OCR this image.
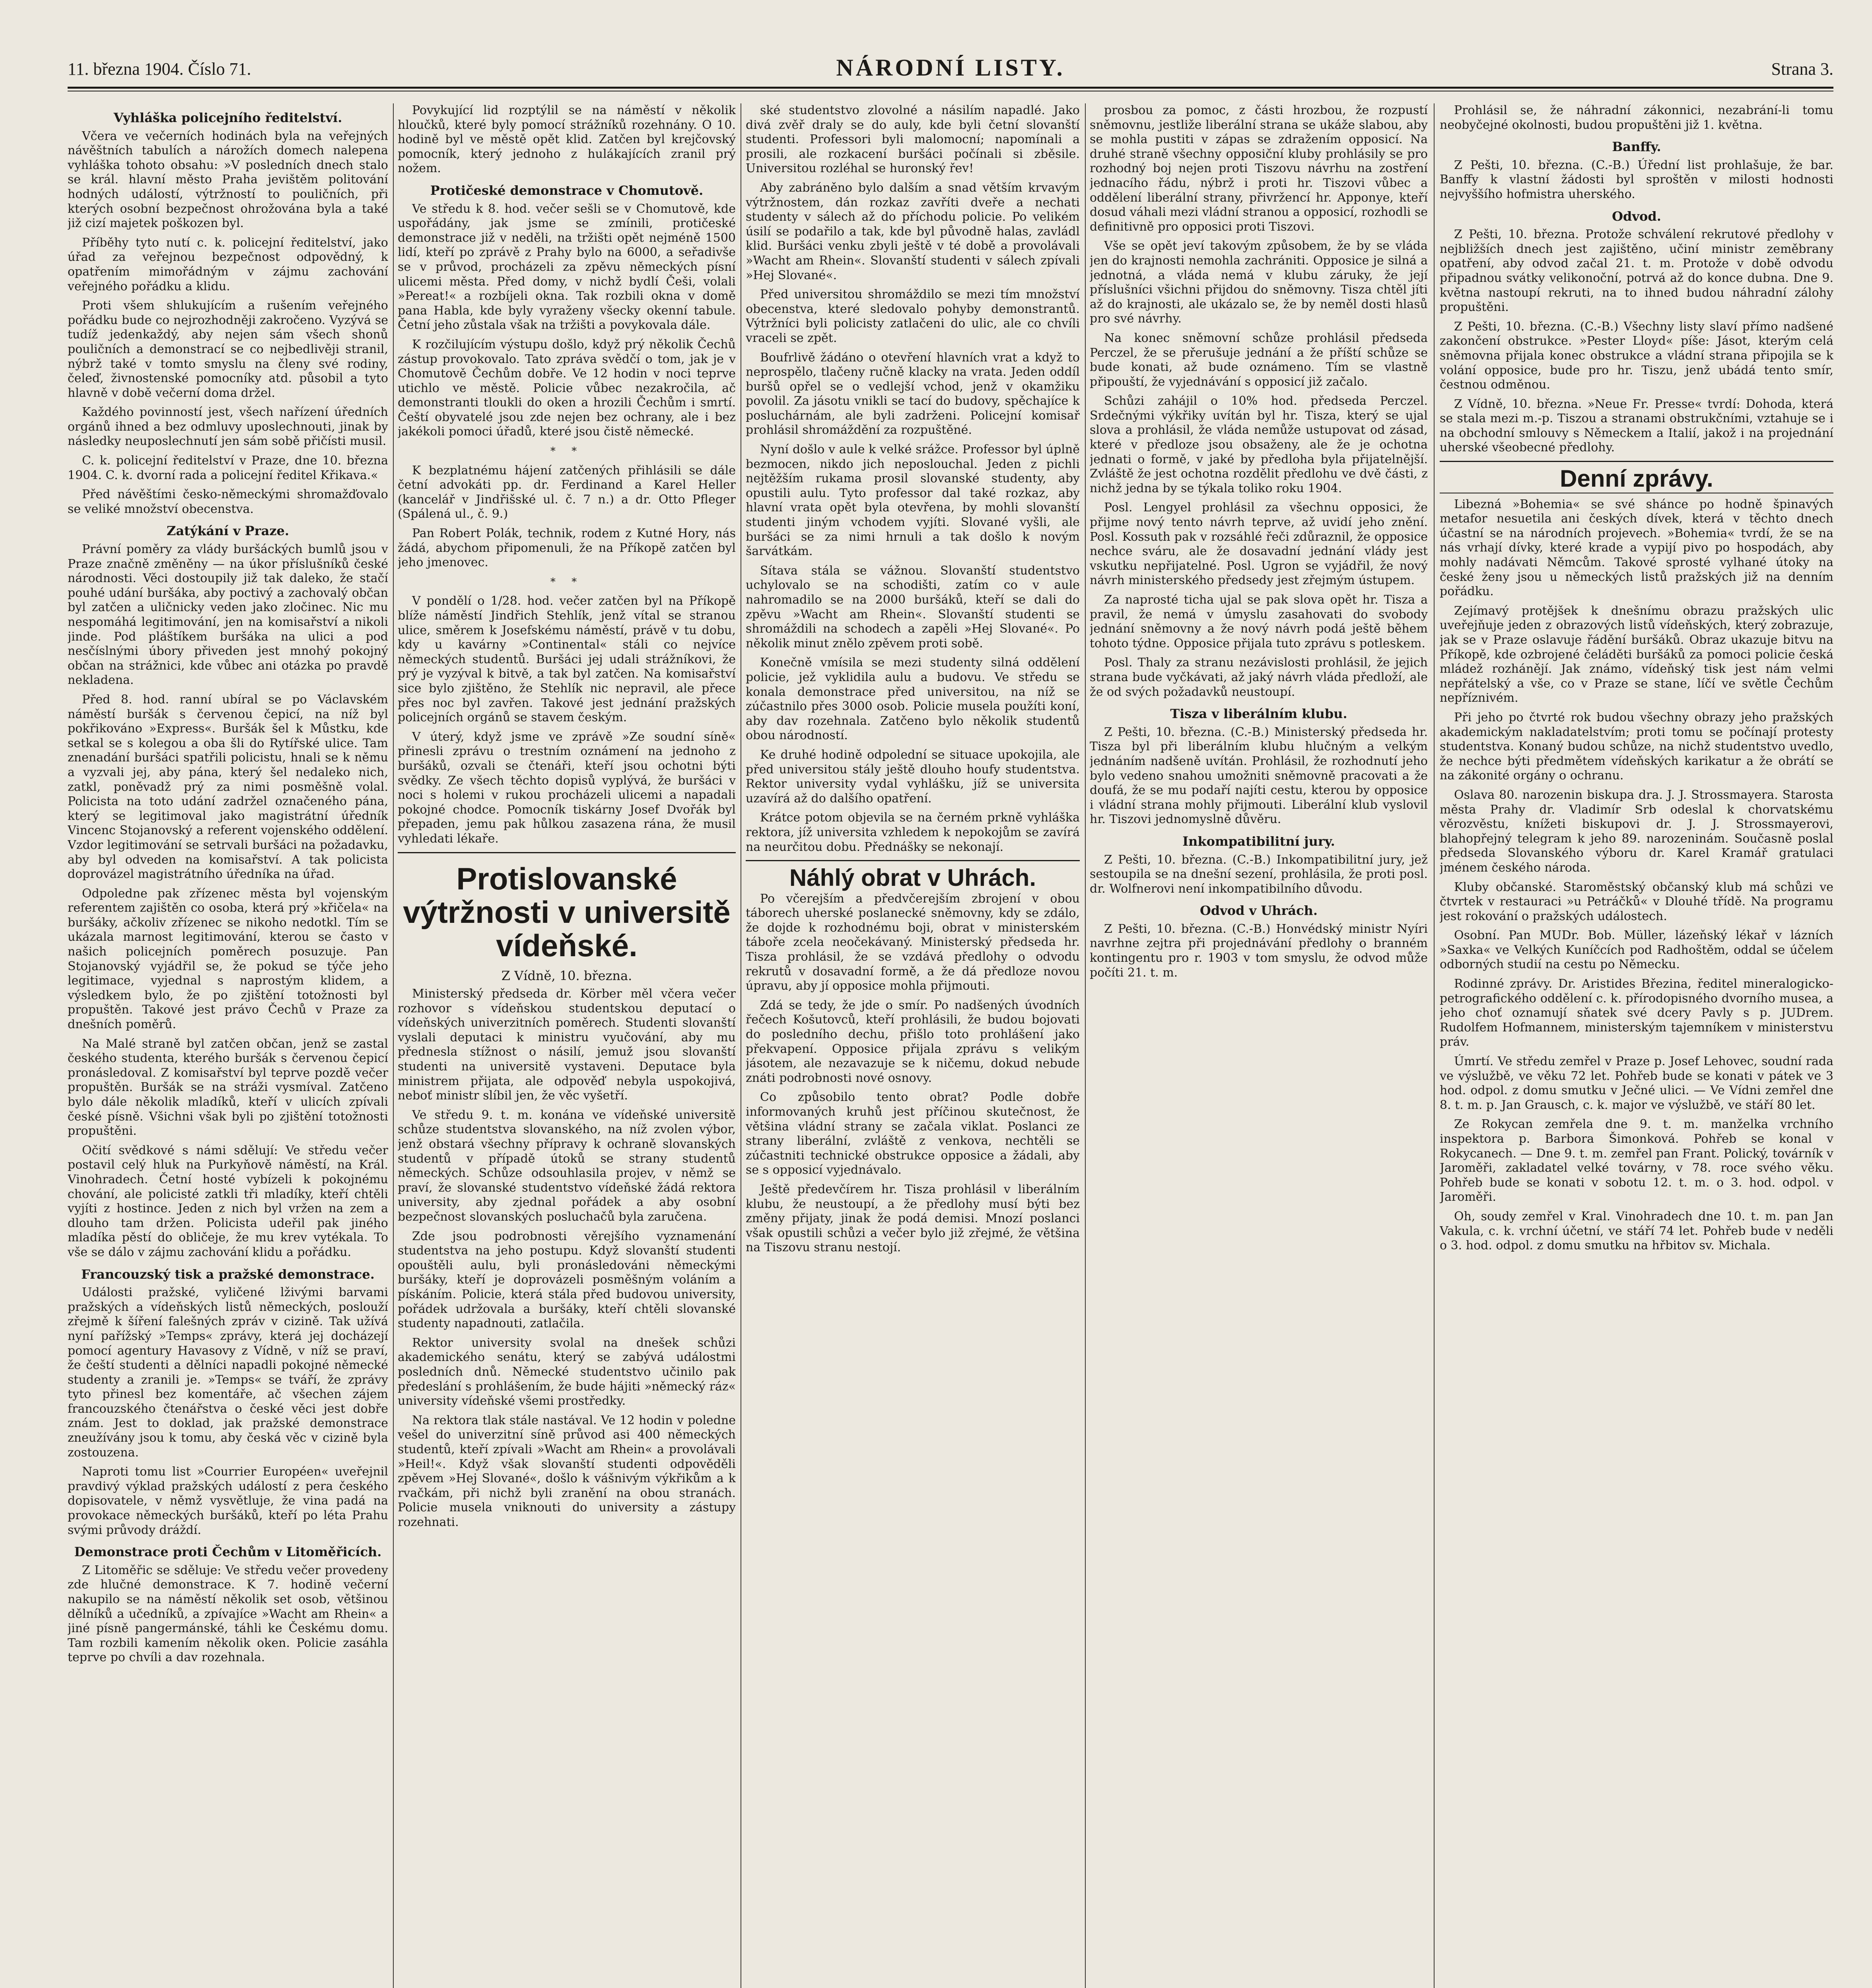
11. března 1904. Číslo 71.	NÁRODNÍ LISTY.	Strana 3.
Vyhláška policejního ředitelství.

Včera ve večerních hodinách byla na veřejných návěštních tabulích a nárožích domech nalepena vyhláška tohoto obsahu: »V posledních dnech stalo se král. hlavní město Praha jevištěm politování hodných událostí, výtržností to pouličních, při kterých osobní bezpečnost ohrožována byla a také již cizí majetek poškozen byl.

Příběhy tyto nutí c. k. policejní ředitelství, jako úřad za veřejnou bezpečnost odpovědný, k opatřením mimořádným v zájmu zachování veřejného pořádku a klidu.

Proti všem shlukujícím a rušením veřejného pořádku bude co nejrozhodněji zakročeno. Vyzývá se tudíž jedenkaždý, aby nejen sám všech shonů pouličních a demonstrací se co nejbedlivěji stranil, nýbrž také v tomto smyslu na členy své rodiny, čeleď, živnostenské pomocníky atd. působil a tyto hlavně v době večerní doma držel.

Každého povinností jest, všech nařízení úředních orgánů ihned a bez odmluvy uposlechnouti, jinak by následky neuposlechnutí jen sám sobě přičísti musil.

C. k. policejní ředitelství v Praze, dne 10. března 1904. C. k. dvorní rada a policejní ředitel Křikava.«

Před návěštími česko-německými shromažďovalo se veliké množství obecenstva.

Zatýkání v Praze.

Právní poměry za vlády buršáckých bumlů jsou v Praze značně změněny — na úkor příslušníků české národnosti. Věci dostoupily již tak daleko, že stačí pouhé udání buršáka, aby poctivý a zachovalý občan byl zatčen a uličnicky veden jako zločinec. Nic mu nespomáhá legitimování, jen na komisařství a nikoli jinde. Pod pláštíkem buršáka na ulici a pod nesčíslnými úbory přiveden jest mnohý pokojný občan na strážnici, kde vůbec ani otázka po pravdě nekladena.

Před 8. hod. ranní ubíral se po Václavském náměstí buršák s červenou čepicí, na níž byl pokřikováno »Express«. Buršák šel k Můstku, kde setkal se s kolegou a oba šli do Rytířské ulice. Tam znenadání buršáci spatřili policistu, hnali se k němu a vyzvali jej, aby pána, který šel nedaleko nich, zatkl, poněvadž prý za nimi posměšně volal. Policista na toto udání zadržel označeného pána, který se legitimoval jako magistrátní úředník Vincenc Stojanovský a referent vojenského oddělení. Vzdor legitimování se setrvali buršáci na požadavku, aby byl odveden na komisařství. A tak policista doprovázel magistrátního úředníka na úřad.

Odpoledne pak zřízenec města byl vojenským referentem zajištěn co osoba, která prý »křičela« na buršáky, ačkoliv zřízenec se nikoho nedotkl. Tím se ukázala marnost legitimování, kterou se často v našich policejních poměrech posuzuje. Pan Stojanovský vyjádřil se, že pokud se týče jeho legitimace, vyjednal s naprostým klidem, a výsledkem bylo, že po zjištění totožnosti byl propuštěn. Takové jest právo Čechů v Praze za dnešních poměrů.

Na Malé straně byl zatčen občan, jenž se zastal českého studenta, kterého buršák s červenou čepicí pronásledoval. Z komisařství byl teprve pozdě večer propuštěn. Buršák se na stráži vysmíval. Zatčeno bylo dále několik mladíků, kteří v ulicích zpívali české písně. Všichni však byli po zjištění totožnosti propuštěni.

Očití svědkové s námi sdělují: Ve středu večer postavil celý hluk na Purkyňově náměstí, na Král. Vinohradech. Četní hosté vybízeli k pokojnému chování, ale policisté zatkli tři mladíky, kteří chtěli vyjíti z hostince. Jeden z nich byl vržen na zem a dlouho tam držen. Policista udeřil pak jiného mladíka pěstí do obličeje, že mu krev vytékala. To vše se dálo v zájmu zachování klidu a pořádku.

Francouzský tisk a pražské demonstrace.

Události pražské, vyličené lživými barvami pražských a vídeňských listů německých, poslouží zřejmě k šíření falešných zpráv v cizině. Tak užívá nyní pařížský »Temps« zprávy, která jej docházejí pomocí agentury Havasovy z Vídně, v níž se praví, že čeští studenti a dělníci napadli pokojné německé studenty a zranili je. »Temps« se tváří, že zprávy tyto přinesl bez komentáře, ač všechen zájem francouzského čtenářstva o české věci jest dobře znám. Jest to doklad, jak pražské demonstrace zneužívány jsou k tomu, aby česká věc v cizině byla zostouzena.

Naproti tomu list »Courrier Européen« uveřejnil pravdivý výklad pražských událostí z pera českého dopisovatele, v němž vysvětluje, že vina padá na provokace německých buršáků, kteří po léta Prahu svými průvody dráždí.

Demonstrace proti Čechům v Litoměřicích.

Z Litoměřic se sděluje: Ve středu večer provedeny zde hlučné demonstrace. K 7. hodině večerní nakupilo se na náměstí několik set osob, většinou dělníků a učedníků, a zpívajíce »Wacht am Rhein« a jiné písně pangermánské, táhli ke Českému domu. Tam rozbili kamením několik oken. Policie zasáhla teprve po chvíli a dav rozehnala.

Povykující lid rozptýlil se na náměstí v několik hloučků, které byly pomocí strážníků rozehnány. O 10. hodině byl ve městě opět klid. Zatčen byl krejčovský pomocník, který jednoho z hulákajících zranil prý nožem.

Protičeské demonstrace v Chomutově.

Ve středu k 8. hod. večer sešli se v Chomutově, kde uspořádány, jak jsme se zmínili, protičeské demonstrace již v neděli, na tržišti opět nejméně 1500 lidí, kteří po zprávě z Prahy bylo na 6000, a seřadivše se v průvod, procházeli za zpěvu německých písní ulicemi města. Před domy, v nichž bydlí Češi, volali »Pereat!« a rozbíjeli okna. Tak rozbili okna v domě pana Habla, kde byly vyraženy všecky okenní tabule. Četní jeho zůstala však na tržišti a povykovala dále.

K rozčilujícím výstupu došlo, když prý několik Čechů zástup provokovalo. Tato zpráva svědčí o tom, jak je v Chomutově Čechům dobře. Ve 12 hodin v noci teprve utichlo ve městě. Policie vůbec nezakročila, ač demonstranti tloukli do oken a hrozili Čechům i smrtí. Čeští obyvatelé jsou zde nejen bez ochrany, ale i bez jakékoli pomoci úřadů, které jsou čistě německé.

* *

K bezplatnému hájení zatčených přihlásili se dále četní advokáti pp. dr. Ferdinand a Karel Heller (kancelář v Jindřišské ul. č. 7 n.) a dr. Otto Pfleger (Spálená ul., č. 9.)

Pan Robert Polák, technik, rodem z Kutné Hory, nás žádá, abychom připomenuli, že na Příkopě zatčen byl jeho jmenovec.

* *

V pondělí o 1/28. hod. večer zatčen byl na Příkopě blíže náměstí Jindřich Stehlík, jenž vítal se stranou ulice, směrem k Josefskému náměstí, právě v tu dobu, kdy u kavárny »Continental« stáli co nejvíce německých studentů. Buršáci jej udali strážníkovi, že prý je vyzýval k bitvě, a tak byl zatčen. Na komisařství sice bylo zjištěno, že Stehlík nic nepravil, ale přece přes noc byl zavřen. Takové jest jednání pražských policejních orgánů se stavem českým.

V úterý, když jsme ve zprávě »Ze soudní síně« přinesli zprávu o trestním oznámení na jednoho z buršáků, ozvali se čtenáři, kteří jsou ochotni býti svědky. Ze všech těchto dopisů vyplývá, že buršáci v noci s holemi v rukou procházeli ulicemi a napadali pokojné chodce. Pomocník tiskárny Josef Dvořák byl přepaden, jemu pak hůlkou zasazena rána, že musil vyhledati lékaře.

Protislovanské výtržnosti v universitě vídeňské.
Z Vídně, 10. března.

Ministerský předseda dr. Körber měl včera večer rozhovor s vídeňskou studentskou deputací o vídeňských univerzitních poměrech. Studenti slovanští vyslali deputaci k ministru vyučování, aby mu přednesla stížnost o násilí, jemuž jsou slovanští studenti na universitě vystaveni. Deputace byla ministrem přijata, ale odpověď nebyla uspokojivá, neboť ministr slíbil jen, že věc vyšetří.

Ve středu 9. t. m. konána ve vídeňské universitě schůze studentstva slovanského, na níž zvolen výbor, jenž obstará všechny přípravy k ochraně slovanských studentů v případě útoků se strany studentů německých. Schůze odsouhlasila projev, v němž se praví, že slovanské studentstvo vídeňské žádá rektora university, aby zjednal pořádek a aby osobní bezpečnost slovanských posluchačů byla zaručena.

Zde jsou podrobnosti věrejšího vyznamenání studentstva na jeho postupu. Když slovanští studenti opouštěli aulu, byli pronásledováni německými buršáky, kteří je doprovázeli posměšným voláním a pískáním. Policie, která stála před budovou university, pořádek udržovala a buršáky, kteří chtěli slovanské studenty napadnouti, zatlačila.

Rektor university svolal na dnešek schůzi akademického senátu, který se zabývá událostmi posledních dnů. Německé studentstvo učinilo pak předeslání s prohlášením, že bude hájiti »německý ráz« university vídeňské všemi prostředky.

Na rektora tlak stále nastával. Ve 12 hodin v poledne vešel do univerzitní síně průvod asi 400 německých studentů, kteří zpívali »Wacht am Rhein« a provolávali »Heil!«. Když však slovanští studenti odpověděli zpěvem »Hej Slované«, došlo k vášnivým výkřikům a k rvačkám, při nichž byli zranění na obou stranách. Policie musela vniknouti do university a zástupy rozehnati.

ské studentstvo zlovolné a násilím napadlé. Jako divá zvěř draly se do auly, kde byli četní slovanští studenti. Professori byli malomocní; napomínali a prosili, ale rozkacení buršáci počínali si zběsile. Universitou rozléhal se huronský řev!

Aby zabráněno bylo dalším a snad větším krvavým výtržnostem, dán rozkaz zavříti dveře a nechati studenty v sálech až do příchodu policie. Po velikém úsilí se podařilo a tak, kde byl původně halas, zavládl klid. Buršáci venku zbyli ještě v té době a provolávali »Wacht am Rhein«. Slovanští studenti v sálech zpívali »Hej Slované«.

Před universitou shromáždilo se mezi tím množství obecenstva, které sledovalo pohyby demonstrantů. Výtržníci byli policisty zatlačeni do ulic, ale co chvíli vraceli se zpět.

Boufrlivě žádáno o otevření hlavních vrat a když to neprospělo, tlačeny ručně klacky na vrata. Jeden oddíl buršů opřel se o vedlejší vchod, jenž v okamžiku povolil. Za jásotu vnikli se tací do budovy, spěchajíce k posluchárnám, ale byli zadrženi. Policejní komisař prohlásil shromáždění za rozpuštěné.

Nyní došlo v aule k velké srážce. Professor byl úplně bezmocen, nikdo jich neposlouchal. Jeden z pichli nejtěžším rukama prosil slovanské studenty, aby opustili aulu. Tyto professor dal také rozkaz, aby hlavní vrata opět byla otevřena, by mohli slovanští studenti jiným vchodem vyjíti. Slované vyšli, ale buršáci se za nimi hrnuli a tak došlo k novým šarvátkám.

Sítava stála se vážnou. Slovanští studentstvo uchylovalo se na schodišti, zatím co v aule nahromadilo se na 2000 buršáků, kteří se dali do zpěvu »Wacht am Rhein«. Slovanští studenti se shromáždili na schodech a zapěli »Hej Slované«. Po několik minut znělo zpěvem proti sobě.

Konečně vmísila se mezi studenty silná oddělení policie, jež vyklidila aulu a budovu. Ve středu se konala demonstrace před universitou, na níž se zúčastnilo přes 3000 osob. Policie musela použíti koní, aby dav rozehnala. Zatčeno bylo několik studentů obou národností.

Ke druhé hodině odpolední se situace upokojila, ale před universitou stály ještě dlouho houfy studentstva. Rektor university vydal vyhlášku, jíž se universita uzavírá až do dalšího opatření.

Krátce potom objevila se na černém prkně vyhláška rektora, jíž universita vzhledem k nepokojům se zavírá na neurčitou dobu. Přednášky se nekonají.

Náhlý obrat v Uhrách.

Po včerejším a předvčerejším zbrojení v obou táborech uherské poslanecké sněmovny, kdy se zdálo, že dojde k rozhodnému boji, obrat v ministerském táboře zcela neočekávaný. Ministerský předseda hr. Tisza prohlásil, že se vzdává předlohy o odvodu rekrutů v dosavadní formě, a že dá předloze novou úpravu, aby jí opposice mohla přijmouti.

Zdá se tedy, že jde o smír. Po nadšených úvodních řečech Košutovců, kteří prohlásili, že budou bojovati do posledního dechu, přišlo toto prohlášení jako překvapení. Opposice přijala zprávu s velikým jásotem, ale nezavazuje se k ničemu, dokud nebude znáti podrobnosti nové osnovy.

Co způsobilo tento obrat? Podle dobře informovaných kruhů jest příčinou skutečnost, že většina vládní strany se začala viklat. Poslanci ze strany liberální, zvláště z venkova, nechtěli se zúčastniti technické obstrukce opposice a žádali, aby se s opposicí vyjednávalo.

Ještě předevčírem hr. Tisza prohlásil v liberálním klubu, že neustoupí, a že předlohy musí býti bez změny přijaty, jinak že podá demisi. Mnozí poslanci však opustili schůzi a večer bylo již zřejmé, že většina na Tiszovu stranu nestojí.

prosbou za pomoc, z části hrozbou, že rozpustí sněmovnu, jestliže liberální strana se ukáže slabou, aby se mohla pustiti v zápas se zdražením opposicí. Na druhé straně všechny opposiční kluby prohlásily se pro rozhodný boj nejen proti Tiszovu návrhu na zostření jednacího řádu, nýbrž i proti hr. Tiszovi vůbec a oddělení liberální strany, přivržencí hr. Apponye, kteří dosud váhali mezi vládní stranou a opposicí, rozhodli se definitivně pro opposici proti Tiszovi.

Vše se opět jeví takovým způsobem, že by se vláda jen do krajnosti nemohla zachrániti. Opposice je silná a jednotná, a vláda nemá v klubu záruky, že její příslušníci všichni přijdou do sněmovny. Tisza chtěl jíti až do krajnosti, ale ukázalo se, že by neměl dosti hlasů pro své návrhy.

Na konec sněmovní schůze prohlásil předseda Perczel, že se přerušuje jednání a že příští schůze se bude konati, až bude oznámeno. Tím se vlastně připouští, že vyjednávání s opposicí již začalo.

Schůzi zahájil o 10% hod. předseda Perczel. Srdečnými výkřiky uvítán byl hr. Tisza, který se ujal slova a prohlásil, že vláda nemůže ustupovat od zásad, které v předloze jsou obsaženy, ale že je ochotna jednati o formě, v jaké by předloha byla přijatelnější. Zvláště že jest ochotna rozdělit předlohu ve dvě části, z nichž jedna by se týkala toliko roku 1904.

Posl. Lengyel prohlásil za všechnu opposici, že přijme nový tento návrh teprve, až uvidí jeho znění. Posl. Kossuth pak v rozsáhlé řeči zdůraznil, že opposice nechce sváru, ale že dosavadní jednání vlády jest vskutku nepřijatelné. Posl. Ugron se vyjádřil, že nový návrh ministerského předsedy jest zřejmým ústupem.

Za naprosté ticha ujal se pak slova opět hr. Tisza a pravil, že nemá v úmyslu zasahovati do svobody jednání sněmovny a že nový návrh podá ještě během tohoto týdne. Opposice přijala tuto zprávu s potleskem.

Posl. Thaly za stranu nezávislosti prohlásil, že jejich strana bude vyčkávati, až jaký návrh vláda předloží, ale že od svých požadavků neustoupí.

Tisza v liberálním klubu.

Z Pešti, 10. března. (C.-B.) Ministerský předseda hr. Tisza byl při liberálním klubu hlučným a velkým jednáním nadšeně uvítán. Prohlásil, že rozhodnutí jeho bylo vedeno snahou umožniti sněmovně pracovati a že doufá, že se mu podaří najíti cestu, kterou by opposice i vládní strana mohly přijmouti. Liberální klub vyslovil hr. Tiszovi jednomyslně důvěru.

Inkompatibilitní jury.

Z Pešti, 10. března. (C.-B.) Inkompatibilitní jury, jež sestoupila se na dnešní sezení, prohlásila, že proti posl. dr. Wolfnerovi není inkompatibilního důvodu.

Odvod v Uhrách.

Z Pešti, 10. března. (C.-B.) Honvédský ministr Nyíri navrhne zejtra při projednávání předlohy o branném kontingentu pro r. 1903 v tom smyslu, že odvod může počíti 21. t. m.

Prohlásil se, že náhradní zákonnici, nezabrání-li tomu neobyčejné okolnosti, budou propuštěni již 1. května.

Banffy.

Z Pešti, 10. března. (C.-B.) Úřední list prohlašuje, že bar. Banffy k vlastní žádosti byl sproštěn v milosti hodnosti nejvyššího hofmistra uherského.

Odvod.

Z Pešti, 10. března. Protože schválení rekrutové předlohy v nejbližších dnech jest zajištěno, učiní ministr zeměbrany opatření, aby odvod začal 21. t. m. Protože v době odvodu připadnou svátky velikonoční, potrvá až do konce dubna. Dne 9. května nastoupí rekruti, na to ihned budou náhradní zálohy propuštěni.

Z Pešti, 10. března. (C.-B.) Všechny listy slaví přímo nadšené zakončení obstrukce. »Pester Lloyd« píše: Jásot, kterým celá sněmovna přijala konec obstrukce a vládní strana připojila se k volání opposice, bude pro hr. Tiszu, jenž ubádá tento smír, čestnou odměnou.

Z Vídně, 10. března. »Neue Fr. Presse« tvrdí: Dohoda, která se stala mezi m.-p. Tiszou a stranami obstrukčními, vztahuje se i na obchodní smlouvy s Německem a Italií, jakož i na projednání uherské všeobecné předlohy.

Denní zprávy.

Libezná »Bohemia« se své shánce po hodně špinavých metafor nesuetila ani českých dívek, která v těchto dnech účastní se na národních projevech. »Bohemia« tvrdí, že se na nás vrhají dívky, které krade a vypijí pivo po hospodách, aby mohly nadávati Němcům. Takové sprosté vylhané útoky na české ženy jsou u německých listů pražských již na denním pořádku.

Zejímavý protějšek k dnešnímu obrazu pražských ulic uveřejňuje jeden z obrazových listů vídeňských, který zobrazuje, jak se v Praze oslavuje řádění buršáků. Obraz ukazuje bitvu na Příkopě, kde ozbrojené čeláděti buršáků za pomoci policie česká mládež rozhánějí. Jak známo, vídeňský tisk jest nám velmi nepřátelský a vše, co v Praze se stane, líčí ve světle Čechům nepříznivém.

Při jeho po čtvrté rok budou všechny obrazy jeho pražských akademickým nakladatelstvím; proti tomu se počínají protesty studentstva. Konaný budou schůze, na nichž studentstvo uvedlo, že nechce býti předmětem vídeňských karikatur a že obrátí se na zákonité orgány o ochranu.

Oslava 80. narozenin biskupa dra. J. J. Strossmayera. Starosta města Prahy dr. Vladimír Srb odeslal k chorvatskému věrozvěstu, knížeti biskupovi dr. J. J. Strossmayerovi, blahopřejný telegram k jeho 89. narozeninám. Současně poslal předseda Slovanského výboru dr. Karel Kramář gratulaci jménem českého národa.

Kluby občanské. Staroměstský občanský klub má schůzi ve čtvrtek v restauraci »u Petráčků« v Dlouhé třídě. Na programu jest rokování o pražských událostech.

Osobní. Pan MUDr. Bob. Müller, lázeňský lékař v lázních »Saxka« ve Velkých Kuníčcích pod Radhoštěm, oddal se účelem odborných studií na cestu po Německu.

Rodinné zprávy. Dr. Aristides Březina, ředitel mineralogicko-petrografického oddělení c. k. přírodopisného dvorního musea, a jeho choť oznamují sňatek své dcery Pavly s p. JUDrem. Rudolfem Hofmannem, ministerským tajemníkem v ministerstvu práv.

Úmrtí. Ve středu zemřel v Praze p. Josef Lehovec, soudní rada ve výslužbě, ve věku 72 let. Pohřeb bude se konati v pátek ve 3 hod. odpol. z domu smutku v Ječné ulici. — Ve Vídni zemřel dne 8. t. m. p. Jan Grausch, c. k. major ve výslužbě, ve stáří 80 let.

Ze Rokycan zemřela dne 9. t. m. manželka vrchního inspektora p. Barbora Šimonková. Pohřeb se konal v Rokycanech. — Dne 9. t. m. zemřel pan Frant. Polický, továrník v Jaroměři, zakladatel velké továrny, v 78. roce svého věku. Pohřeb bude se konati v sobotu 12. t. m. o 3. hod. odpol. v Jaroměři.

Oh, soudy zemřel v Kral. Vinohradech dne 10. t. m. pan Jan Vakula, c. k. vrchní účetní, ve stáří 74 let. Pohřeb bude v neděli o 3. hod. odpol. z domu smutku na hřbitov sv. Michala.
